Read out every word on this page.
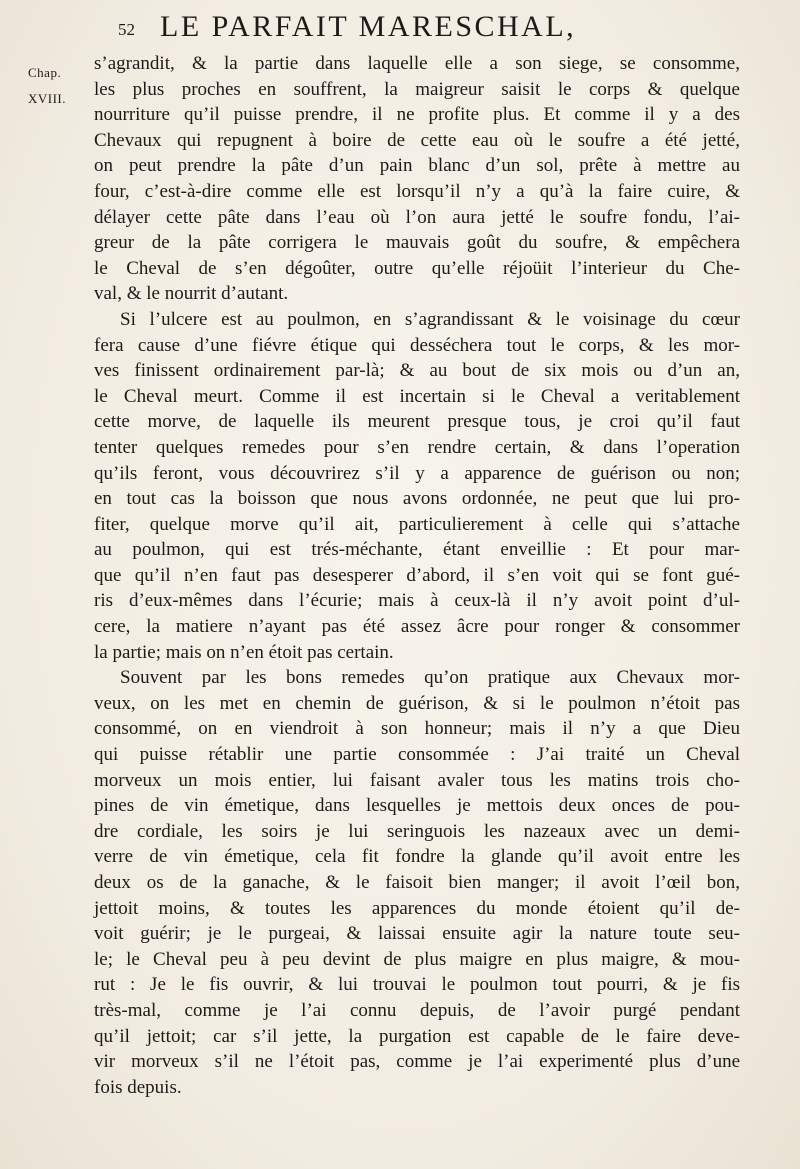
52 LE PARFAIT MARESCHAL,
Chap.
XVIII.
s’agrandit, & la partie dans laquelle elle a son siege, se consomme,
les plus proches en souffrent, la maigreur saisit le corps & quelque
nourriture qu’il puisse prendre, il ne profite plus. Et comme il y a des
Chevaux qui repugnent à boire de cette eau où le soufre a été jetté,
on peut prendre la pâte d’un pain blanc d’un sol, prête à mettre au
four, c’est-à-dire comme elle est lorsqu’il n’y a qu’à la faire cuire, &
délayer cette pâte dans l’eau où l’on aura jetté le soufre fondu, l’ai-
greur de la pâte corrigera le mauvais goût du soufre, & empêchera
le Cheval de s’en dégoûter, outre qu’elle réjoüit l’interieur du Che-
val, & le nourrit d’autant.
Si l’ulcere est au poulmon, en s’agrandissant & le voisinage du cœur
fera cause d’une fiévre étique qui desséchera tout le corps, & les mor-
ves finissent ordinairement par-là; & au bout de six mois ou d’un an,
le Cheval meurt. Comme il est incertain si le Cheval a veritablement
cette morve, de laquelle ils meurent presque tous, je croi qu’il faut
tenter quelques remedes pour s’en rendre certain, & dans l’operation
qu’ils feront, vous découvrirez s’il y a apparence de guérison ou non;
en tout cas la boisson que nous avons ordonnée, ne peut que lui pro-
fiter, quelque morve qu’il ait, particulierement à celle qui s’attache
au poulmon, qui est trés-méchante, étant enveillie : Et pour mar-
que qu’il n’en faut pas desesperer d’abord, il s’en voit qui se font gué-
ris d’eux-mêmes dans l’écurie; mais à ceux-là il n’y avoit point d’ul-
cere, la matiere n’ayant pas été assez âcre pour ronger & consommer
la partie; mais on n’en étoit pas certain.
Souvent par les bons remedes qu’on pratique aux Chevaux mor-
veux, on les met en chemin de guérison, & si le poulmon n’étoit pas
consommé, on en viendroit à son honneur; mais il n’y a que Dieu
qui puisse rétablir une partie consommée : J’ai traité un Cheval
morveux un mois entier, lui faisant avaler tous les matins trois cho-
pines de vin émetique, dans lesquelles je mettois deux onces de pou-
dre cordiale, les soirs je lui seringuois les nazeaux avec un demi-
verre de vin émetique, cela fit fondre la glande qu’il avoit entre les
deux os de la ganache, & le faisoit bien manger; il avoit l’œil bon,
jettoit moins, & toutes les apparences du monde étoient qu’il de-
voit guérir; je le purgeai, & laissai ensuite agir la nature toute seu-
le; le Cheval peu à peu devint de plus maigre en plus maigre, & mou-
rut : Je le fis ouvrir, & lui trouvai le poulmon tout pourri, & je fis
très-mal, comme je l’ai connu depuis, de l’avoir purgé pendant
qu’il jettoit; car s’il jette, la purgation est capable de le faire deve-
vir morveux s’il ne l’étoit pas, comme je l’ai experimenté plus d’une
fois depuis.
